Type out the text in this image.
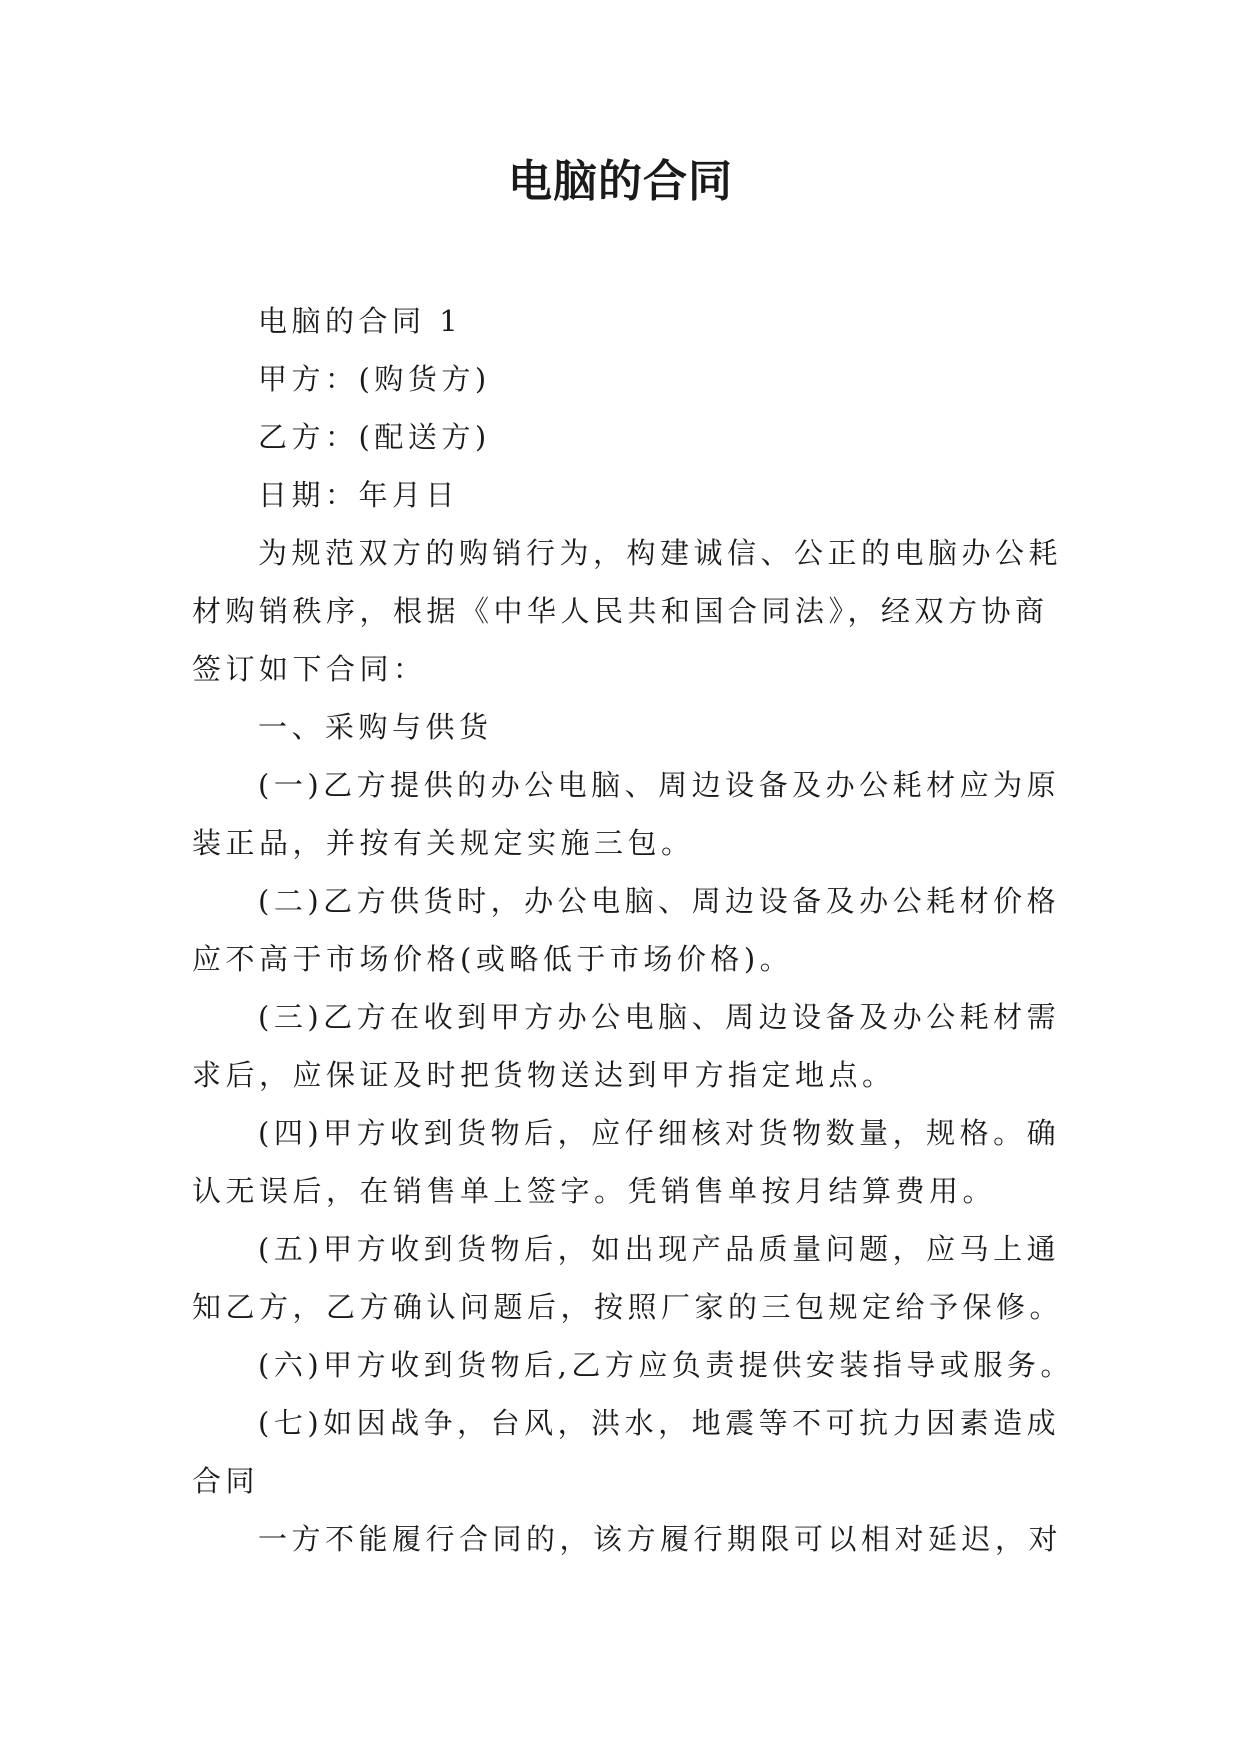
电脑的合同
电脑的合同 1
甲方：(购货方)
乙方：(配送方)
日期：年月日
为规范双方的购销行为，构建诚信、公正的电脑办公耗
材购销秩序，根据《中华人民共和国合同法》，经双方协商
签订如下合同：
一、采购与供货
(一)乙方提供的办公电脑、周边设备及办公耗材应为原
装正品，并按有关规定实施三包。
(二)乙方供货时，办公电脑、周边设备及办公耗材价格
应不高于市场价格(或略低于市场价格)。
(三)乙方在收到甲方办公电脑、周边设备及办公耗材需
求后，应保证及时把货物送达到甲方指定地点。
(四)甲方收到货物后，应仔细核对货物数量，规格。确
认无误后，在销售单上签字。凭销售单按月结算费用。
(五)甲方收到货物后，如出现产品质量问题，应马上通
知乙方，乙方确认问题后，按照厂家的三包规定给予保修。
(六)甲方收到货物后,乙方应负责提供安装指导或服务。
(七)如因战争，台风，洪水，地震等不可抗力因素造成
合同
一方不能履行合同的，该方履行期限可以相对延迟，对
